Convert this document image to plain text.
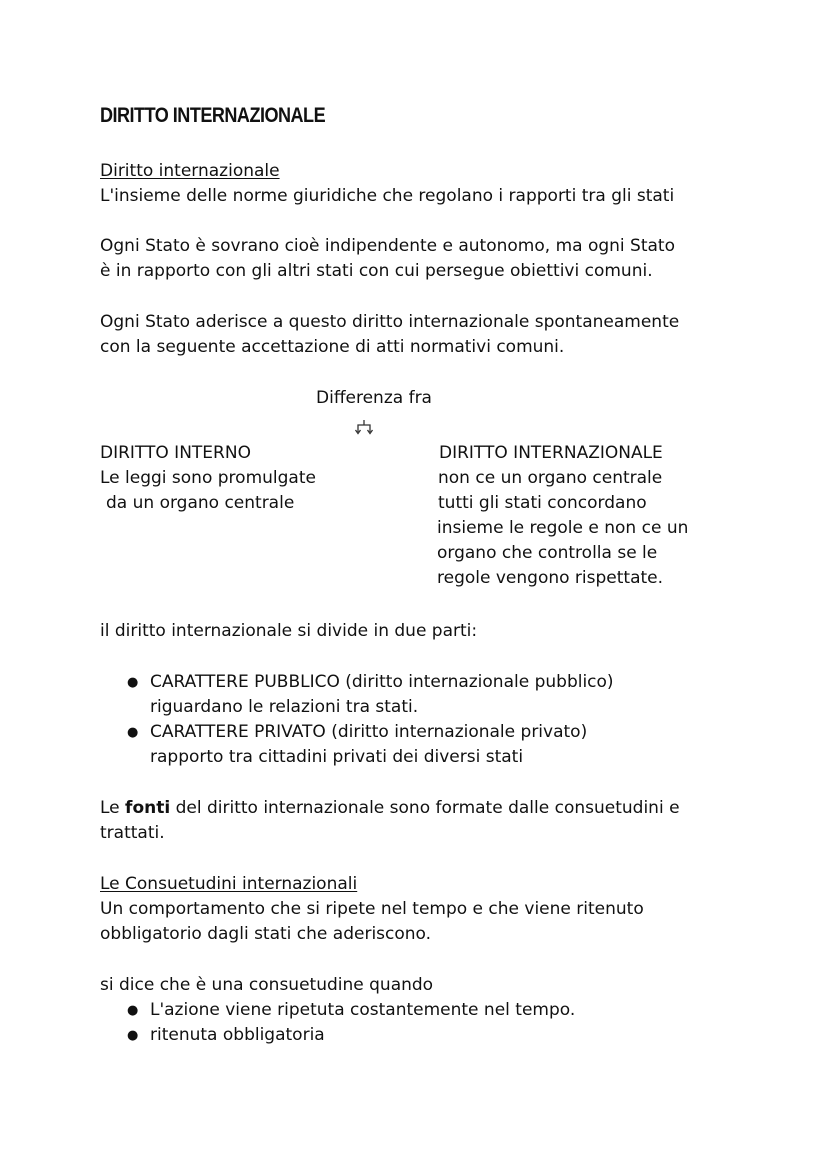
DIRITTO INTERNAZIONALE

Diritto internazionale

L'insieme delle norme giuridiche che regolano i rapporti tra gli stati

Ogni Stato è sovrano cioè indipendente e autonomo, ma ogni Stato

è in rapporto con gli altri stati con cui persegue obiettivi comuni.

Ogni Stato aderisce a questo diritto internazionale spontaneamente

con la seguente accettazione di atti normativi comuni.

Differenza fra

DIRITTO INTERNO

Le leggi sono promulgate

da un organo centrale

DIRITTO INTERNAZIONALE

non ce un organo centrale

tutti gli stati concordano

insieme le regole e non ce un

organo che controlla se le

regole vengono rispettate.

il diritto internazionale si divide in due parti:

● CARATTERE PUBBLICO (diritto internazionale pubblico)

riguardano le relazioni tra stati.

● CARATTERE PRIVATO (diritto internazionale privato)

rapporto tra cittadini privati dei diversi stati

Le fonti del diritto internazionale sono formate dalle consuetudini e

trattati.

Le Consuetudini internazionali

Un comportamento che si ripete nel tempo e che viene ritenuto

obbligatorio dagli stati che aderiscono.

si dice che è una consuetudine quando

● L'azione viene ripetuta costantemente nel tempo.

● ritenuta obbligatoria
